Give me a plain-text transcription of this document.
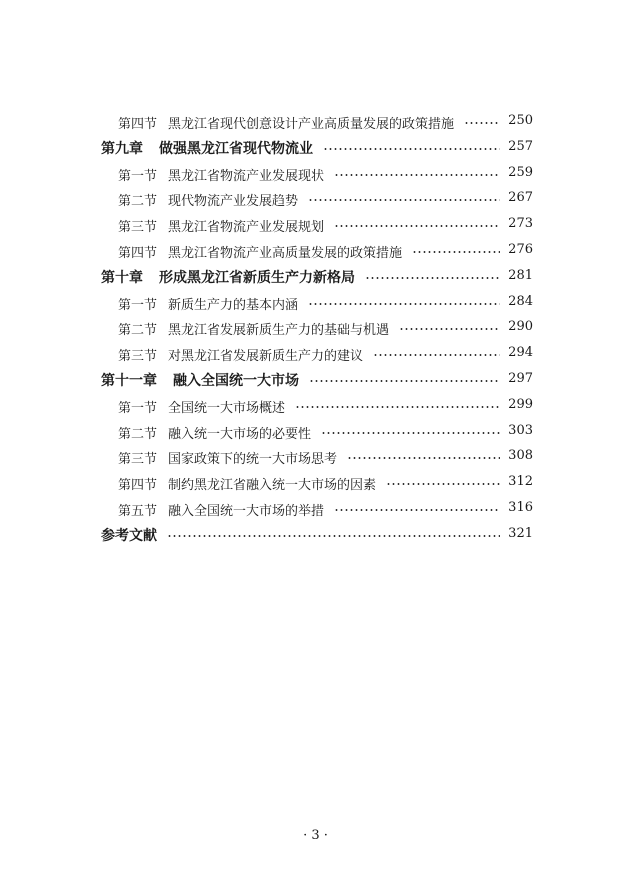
第四节 黑龙江省现代创意设计产业高质量发展的政策措施	250
第九章 做强黑龙江省现代物流业	257
第一节 黑龙江省物流产业发展现状	259
第二节 现代物流产业发展趋势	267
第三节 黑龙江省物流产业发展规划	273
第四节 黑龙江省物流产业高质量发展的政策措施	276
第十章 形成黑龙江省新质生产力新格局	281
第一节 新质生产力的基本内涵	284
第二节 黑龙江省发展新质生产力的基础与机遇	290
第三节 对黑龙江省发展新质生产力的建议	294
第十一章 融入全国统一大市场	297
第一节 全国统一大市场概述	299
第二节 融入统一大市场的必要性	303
第三节 国家政策下的统一大市场思考	308
第四节 制约黑龙江省融入统一大市场的因素	312
第五节 融入全国统一大市场的举措	316
参考文献	321
· 3 ·
